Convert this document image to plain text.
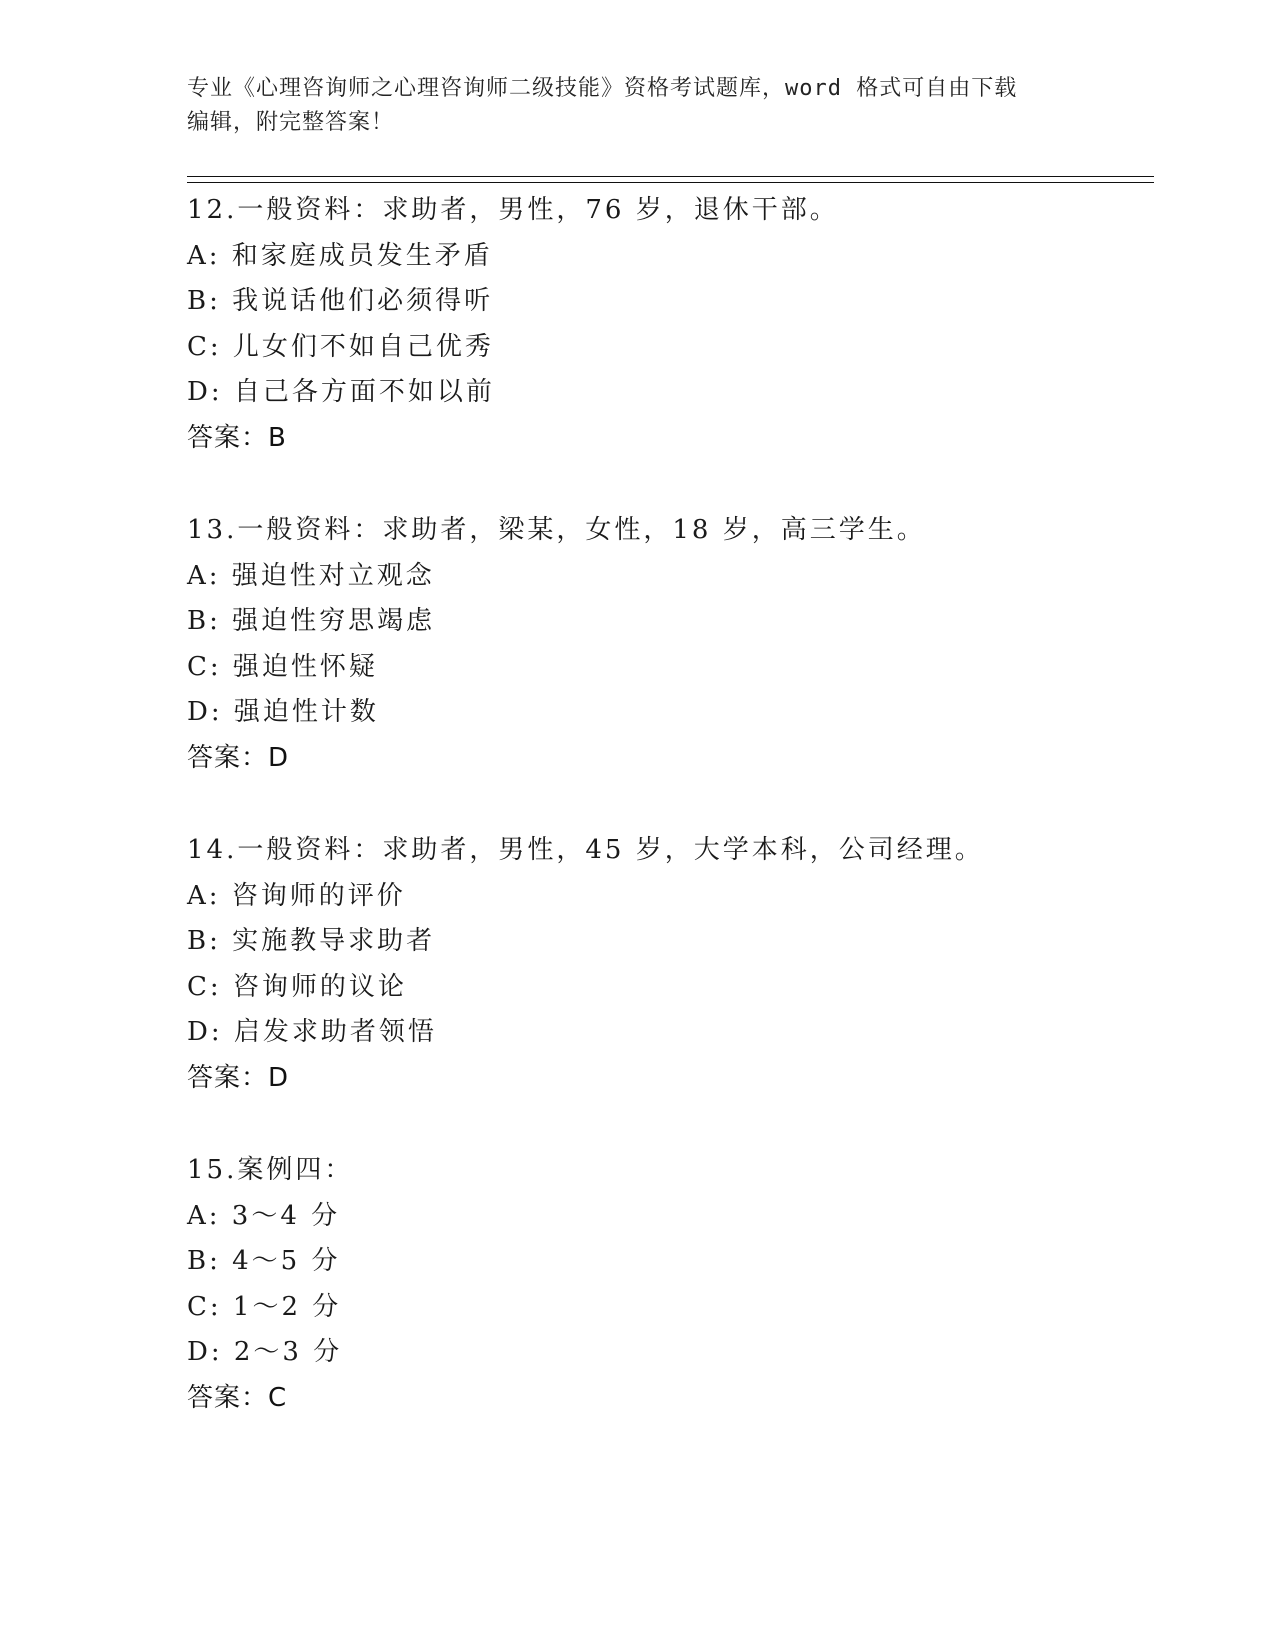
专业《心理咨询师之心理咨询师二级技能》资格考试题库，word 格式可自由下载
编辑，附完整答案！
12.一般资料：求助者，男性，76 岁，退休干部。
A: 和家庭成员发生矛盾
B: 我说话他们必须得听
C: 儿女们不如自己优秀
D: 自己各方面不如以前
答案：B
13.一般资料：求助者，梁某，女性，18 岁，高三学生。
A: 强迫性对立观念
B: 强迫性穷思竭虑
C: 强迫性怀疑
D: 强迫性计数
答案：D
14.一般资料：求助者，男性，45 岁，大学本科，公司经理。
A: 咨询师的评价
B: 实施教导求助者
C: 咨询师的议论
D: 启发求助者领悟
答案：D
15.案例四：
A: 3～4 分
B: 4～5 分
C: 1～2 分
D: 2～3 分
答案：C
